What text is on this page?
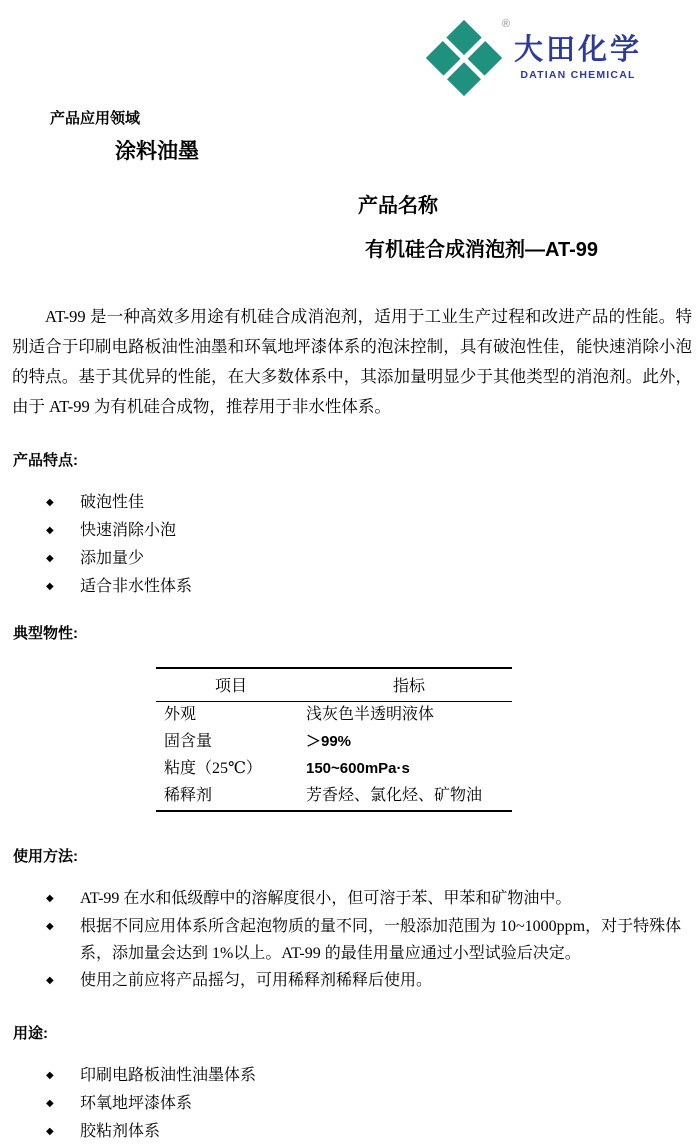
®
大田化学
DATIAN CHEMICAL
产品应用领域
涂料油墨
产品名称
有机硅合成消泡剂—AT-99

AT-99 是一种高效多用途有机硅合成消泡剂，适用于工业生产过程和改进产品的性能。特别适合于印刷电路板油性油墨和环氧地坪漆体系的泡沫控制，具有破泡性佳，能快速消除小泡的特点。基于其优异的性能，在大多数体系中，其添加量明显少于其他类型的消泡剂。此外，由于 AT-99 为有机硅合成物，推荐用于非水性体系。

产品特点:
◆ 破泡性佳
◆ 快速消除小泡
◆ 添加量少
◆ 适合非水性体系
典型物性:
项目	指标
外观	浅灰色半透明液体
固含量	＞99%
粘度（25℃）	150~600mPa·s
稀释剂	芳香烃、氯化烃、矿物油
使用方法:
◆ AT-99 在水和低级醇中的溶解度很小，但可溶于苯、甲苯和矿物油中。
◆ 根据不同应用体系所含起泡物质的量不同，一般添加范围为 10~1000ppm，对于特殊体系，添加量会达到 1%以上。AT-99 的最佳用量应通过小型试验后决定。
◆ 使用之前应将产品摇匀，可用稀释剂稀释后使用。
用途:
◆ 印刷电路板油性油墨体系
◆ 环氧地坪漆体系
◆ 胶粘剂体系
